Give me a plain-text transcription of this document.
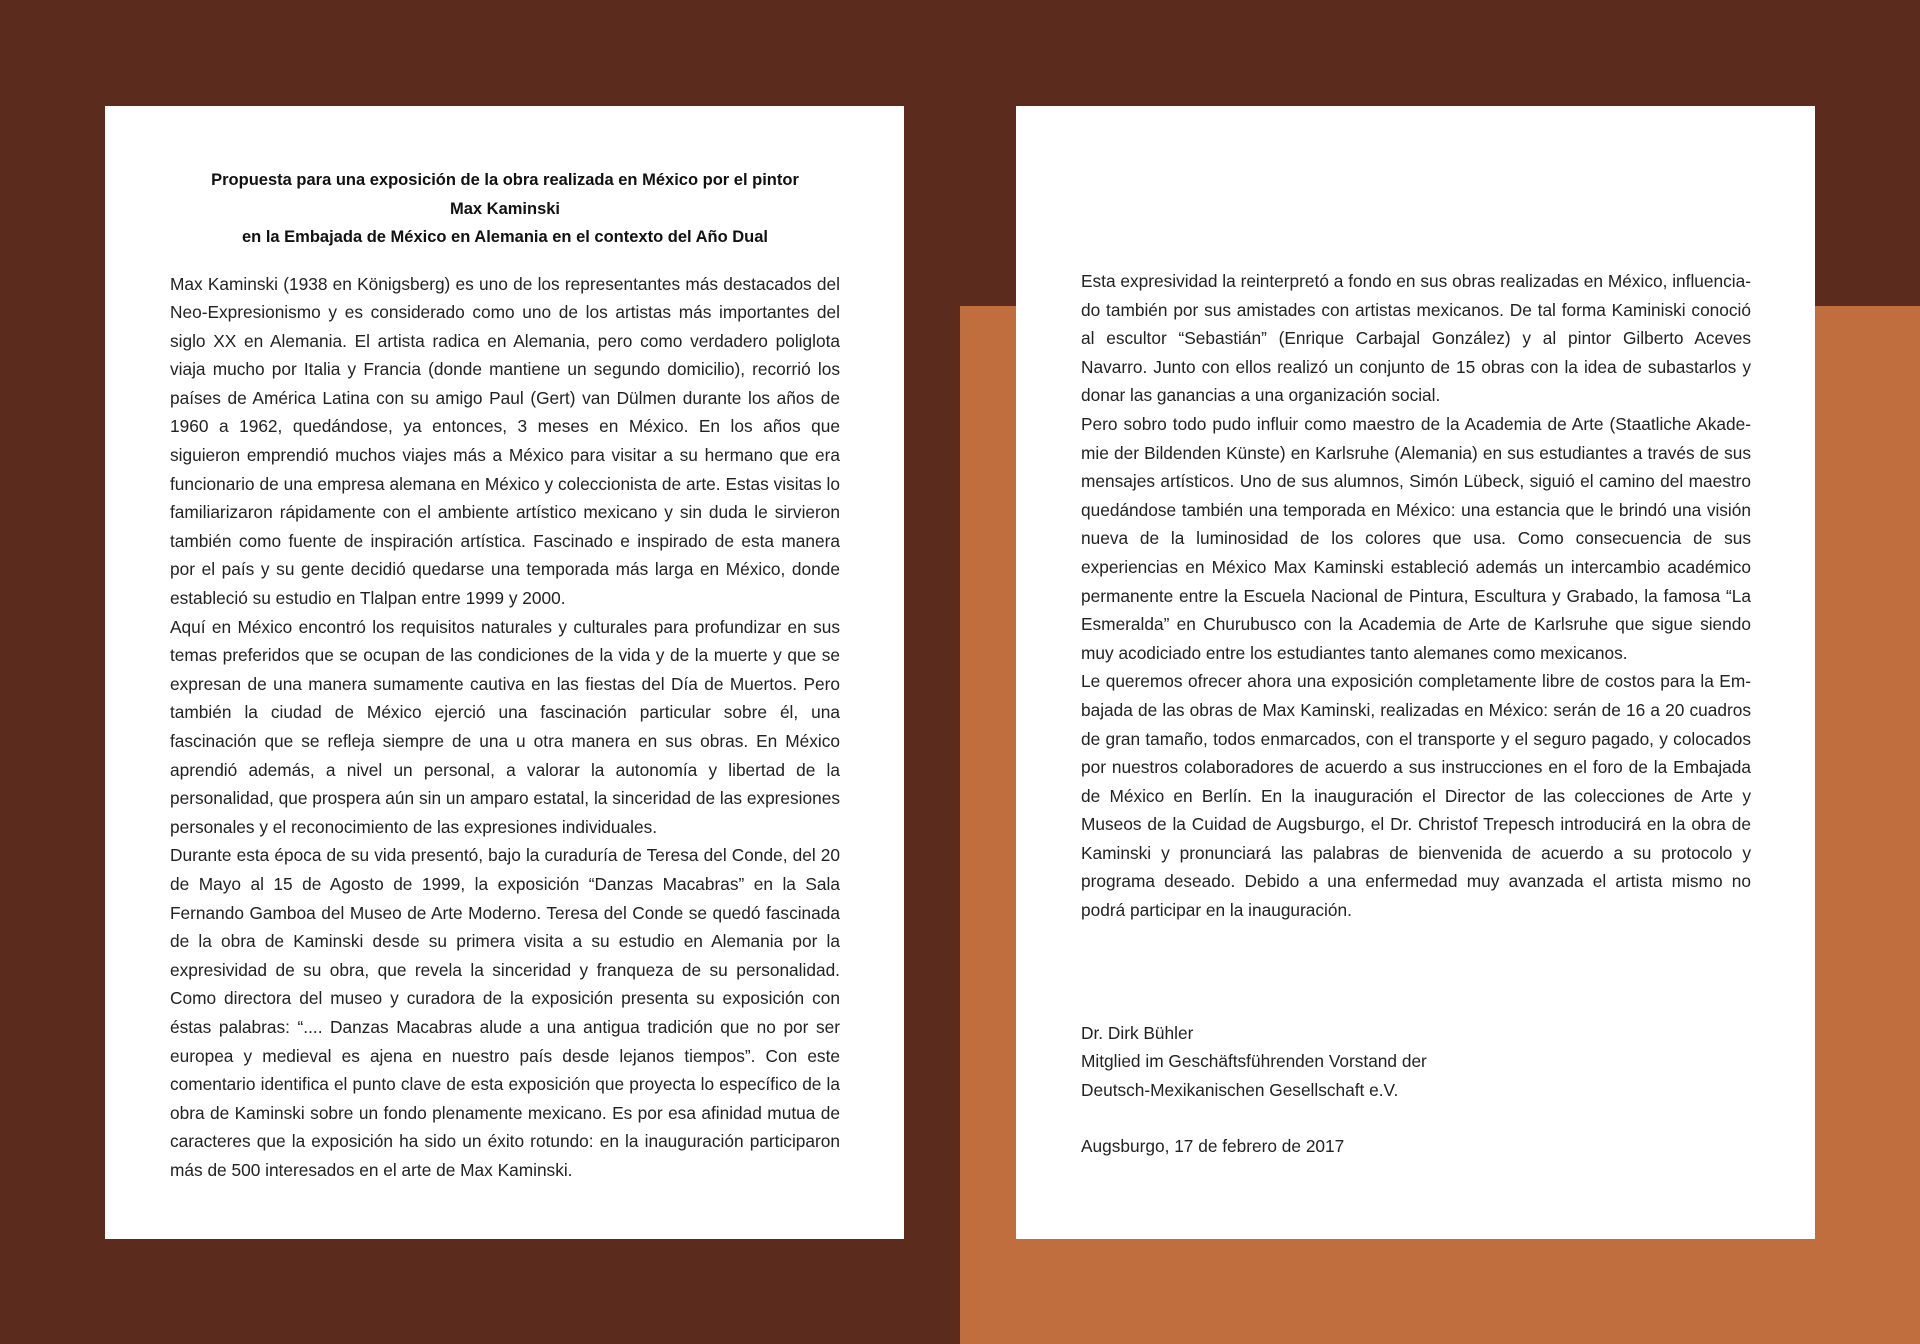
Propuesta para una exposición de la obra realizada en México por el pintor
Max Kaminski
en la Embajada de México en Alemania en el contexto del Año Dual

Max Kaminski (1938 en Königsberg) es uno de los representantes más destacados del Neo-Expresionismo y es considerado como uno de los artistas más importantes del siglo XX en Alemania. El artista radica en Alemania, pero como verdadero poliglota viaja mucho por Italia y Francia (donde mantiene un segundo domicilio), recorrió los países de América Latina con su amigo Paul (Gert) van Dülmen durante los años de 1960 a 1962, quedándose, ya entonces, 3 meses en México. En los años que siguieron emprendió muchos viajes más a México para visitar a su hermano que era funcionario de una empresa alemana en México y coleccionista de arte. Estas visitas lo familiarizaron rápidamente con el ambiente artístico mexicano y sin duda le sirvieron también como fuente de inspiración artística. Fascinado e inspirado de esta manera por el país y su gente decidió quedarse una temporada más larga en México, donde estableció su estudio en Tlalpan entre 1999 y 2000.

Aquí en México encontró los requisitos naturales y culturales para profundizar en sus temas preferidos que se ocupan de las condiciones de la vida y de la muerte y que se expresan de una manera sumamente cautiva en las fiestas del Día de Muertos. Pero también la ciudad de México ejerció una fascinación particular sobre él, una fascinación que se refleja siempre de una u otra manera en sus obras. En México aprendió además, a nivel un personal, a valorar la autonomía y libertad de la personalidad, que prospera aún sin un amparo estatal, la sinceridad de las expresiones personales y el reconocimiento de las expresiones individuales.

Durante esta época de su vida presentó, bajo la curaduría de Teresa del Conde, del 20 de Mayo al 15 de Agosto de 1999, la exposición “Danzas Macabras” en la Sala Fernando Gamboa del Museo de Arte Moderno. Teresa del Conde se quedó fascinada de la obra de Kaminski desde su primera visita a su estudio en Alemania por la expresividad de su obra, que revela la sinceridad y franqueza de su personalidad. Como directora del museo y curadora de la exposición presenta su exposición con éstas palabras: “.... Danzas Macabras alude a una antigua tradición que no por ser europea y medieval es ajena en nuestro país desde lejanos tiempos”. Con este comentario identifica el punto clave de esta exposición que proyecta lo específico de la obra de Kaminski sobre un fondo plenamente mexicano. Es por esa afinidad mutua de caracteres que la exposición ha sido un éxito rotundo: en la inauguración participaron más de 500 interesados en el arte de Max Kaminski.

Esta expresividad la reinterpretó a fondo en sus obras realizadas en México, influenciado también por sus amistades con artistas mexicanos. De tal forma Kaminiski conoció al escultor “Sebastián” (Enrique Carbajal González) y al pintor Gilberto Aceves Navarro. Junto con ellos realizó un conjunto de 15 obras con la idea de subastarlos y donar las ganancias a una organización social.

Pero sobro todo pudo influir como maestro de la Academia de Arte (Staatliche Akademie der Bildenden Künste) en Karlsruhe (Alemania) en sus estudiantes a través de sus mensajes artísticos. Uno de sus alumnos, Simón Lübeck, siguió el camino del maestro quedándose también una temporada en México: una estancia que le brindó una visión nueva de la luminosidad de los colores que usa. Como consecuencia de sus experiencias en México Max Kaminski estableció además un intercambio académico permanente entre la Escuela Nacional de Pintura, Escultura y Grabado, la famosa “La Esmeralda” en Churubusco con la Academia de Arte de Karlsruhe que sigue siendo muy acodiciado entre los estudiantes tanto alemanes como mexicanos.

Le queremos ofrecer ahora una exposición completamente libre de costos para la Embajada de las obras de Max Kaminski, realizadas en México: serán de 16 a 20 cuadros de gran tamaño, todos enmarcados, con el transporte y el seguro pagado, y colocados por nuestros colaboradores de acuerdo a sus instrucciones en el foro de la Embajada de México en Berlín. En la inauguración el Director de las colecciones de Arte y Museos de la Cuidad de Augsburgo, el Dr. Christof Trepesch introducirá en la obra de Kaminski y pronunciará las palabras de bienvenida de acuerdo a su protocolo y programa deseado. Debido a una enfermedad muy avanzada el artista mismo no podrá participar en la inauguración.

Dr. Dirk Bühler
Mitglied im Geschäftsführenden Vorstand der
Deutsch-Mexikanischen Gesellschaft e.V.
Augsburgo, 17 de febrero de 2017
